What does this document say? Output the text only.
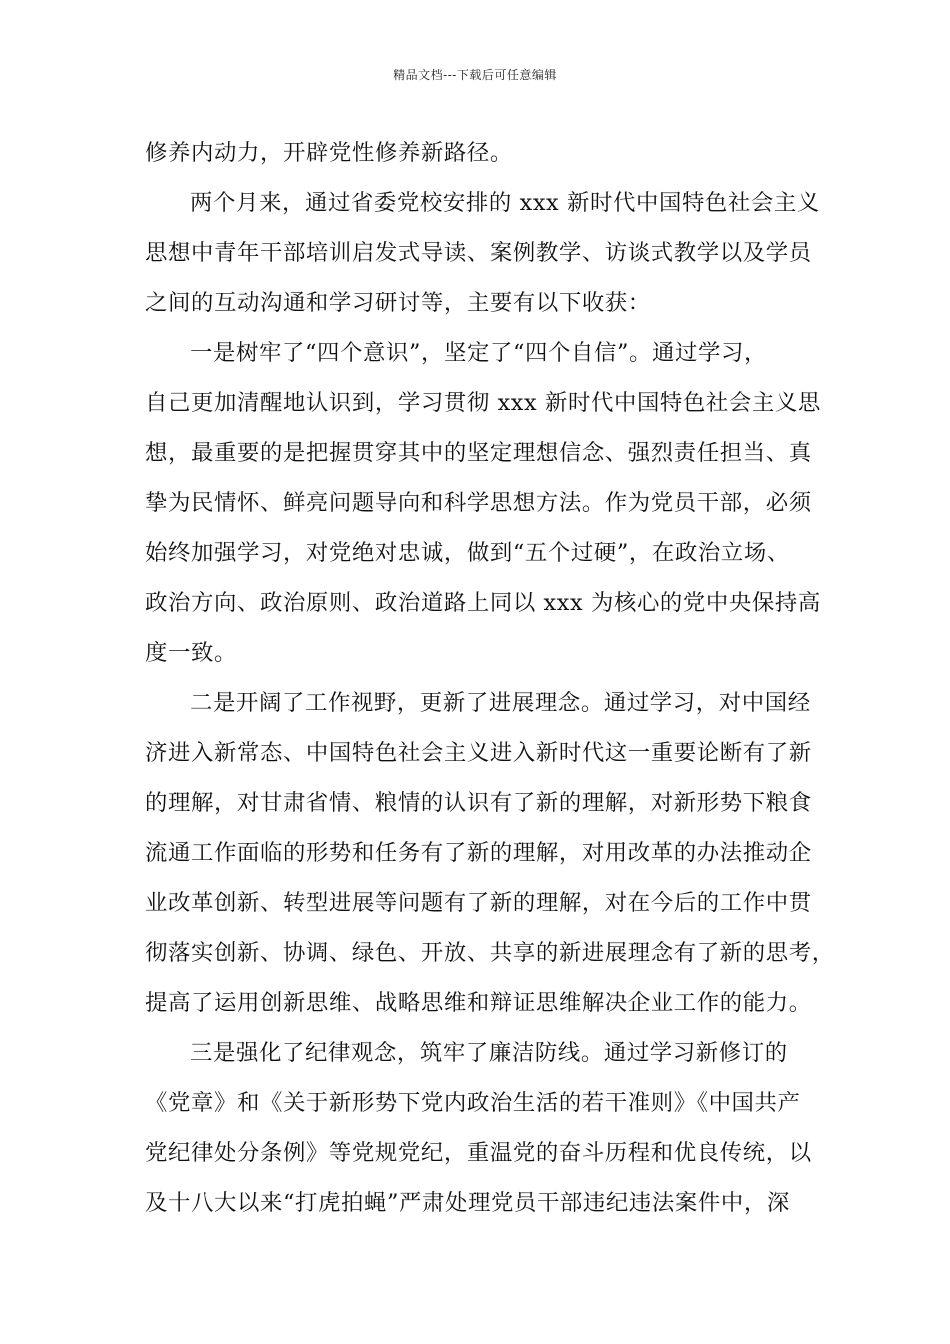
精品文档---下载后可任意编辑
修养内动力，开辟党性修养新路径。
两个月来，通过省委党校安排的 xxx 新时代中国特色社会主义
思想中青年干部培训启发式导读、案例教学、访谈式教学以及学员
之间的互动沟通和学习研讨等，主要有以下收获：
一是树牢了“四个意识”，坚定了“四个自信”。通过学习，
自己更加清醒地认识到，学习贯彻 xxx 新时代中国特色社会主义思
想，最重要的是把握贯穿其中的坚定理想信念、强烈责任担当、真
挚为民情怀、鲜亮问题导向和科学思想方法。作为党员干部，必须
始终加强学习，对党绝对忠诚，做到“五个过硬”，在政治立场、
政治方向、政治原则、政治道路上同以 xxx 为核心的党中央保持高
度一致。
二是开阔了工作视野，更新了进展理念。通过学习，对中国经
济进入新常态、中国特色社会主义进入新时代这一重要论断有了新
的理解，对甘肃省情、粮情的认识有了新的理解，对新形势下粮食
流通工作面临的形势和任务有了新的理解，对用改革的办法推动企
业改革创新、转型进展等问题有了新的理解，对在今后的工作中贯
彻落实创新、协调、绿色、开放、共享的新进展理念有了新的思考，
提高了运用创新思维、战略思维和辩证思维解决企业工作的能力。
三是强化了纪律观念，筑牢了廉洁防线。通过学习新修订的
《党章》和《关于新形势下党内政治生活的若干准则》《中国共产
党纪律处分条例》等党规党纪，重温党的奋斗历程和优良传统，以
及十八大以来“打虎拍蝇”严肃处理党员干部违纪违法案件中，深
